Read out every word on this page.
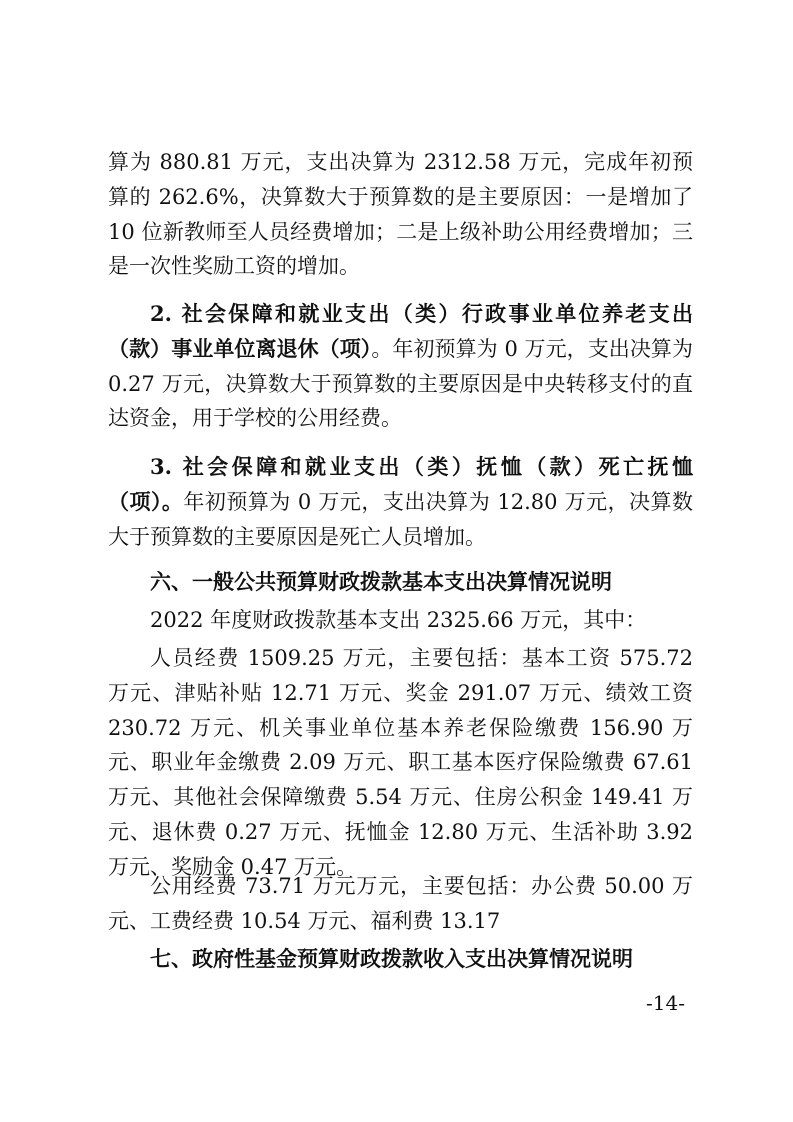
算为 880.81 万元，支出决算为 2312.58 万元，完成年初预算的 262.6%，决算数大于预算数的是主要原因：一是增加了 10 位新教师至人员经费增加；二是上级补助公用经费增加；三是一次性奖励工资的增加。
2. 社会保障和就业支出（类）行政事业单位养老支出（款）事业单位离退休（项）。年初预算为 0 万元，支出决算为 0.27 万元，决算数大于预算数的主要原因是中央转移支付的直达资金，用于学校的公用经费。
3. 社会保障和就业支出（类）抚恤（款）死亡抚恤（项）。年初预算为 0 万元，支出决算为 12.80 万元，决算数大于预算数的主要原因是死亡人员增加。
六、一般公共预算财政拨款基本支出决算情况说明
2022 年度财政拨款基本支出 2325.66 万元，其中：
人员经费 1509.25 万元，主要包括：基本工资 575.72 万元、津贴补贴 12.71 万元、奖金 291.07 万元、绩效工资 230.72 万元、机关事业单位基本养老保险缴费 156.90 万元、职业年金缴费 2.09 万元、职工基本医疗保险缴费 67.61 万元、其他社会保障缴费 5.54 万元、住房公积金 149.41 万元、退休费 0.27 万元、抚恤金 12.80 万元、生活补助 3.92 万元、奖励金 0.47 万元。
公用经费 73.71 万元万元，主要包括：办公费 50.00 万元、工费经费 10.54 万元、福利费 13.17
七、政府性基金预算财政拨款收入支出决算情况说明
-14-
